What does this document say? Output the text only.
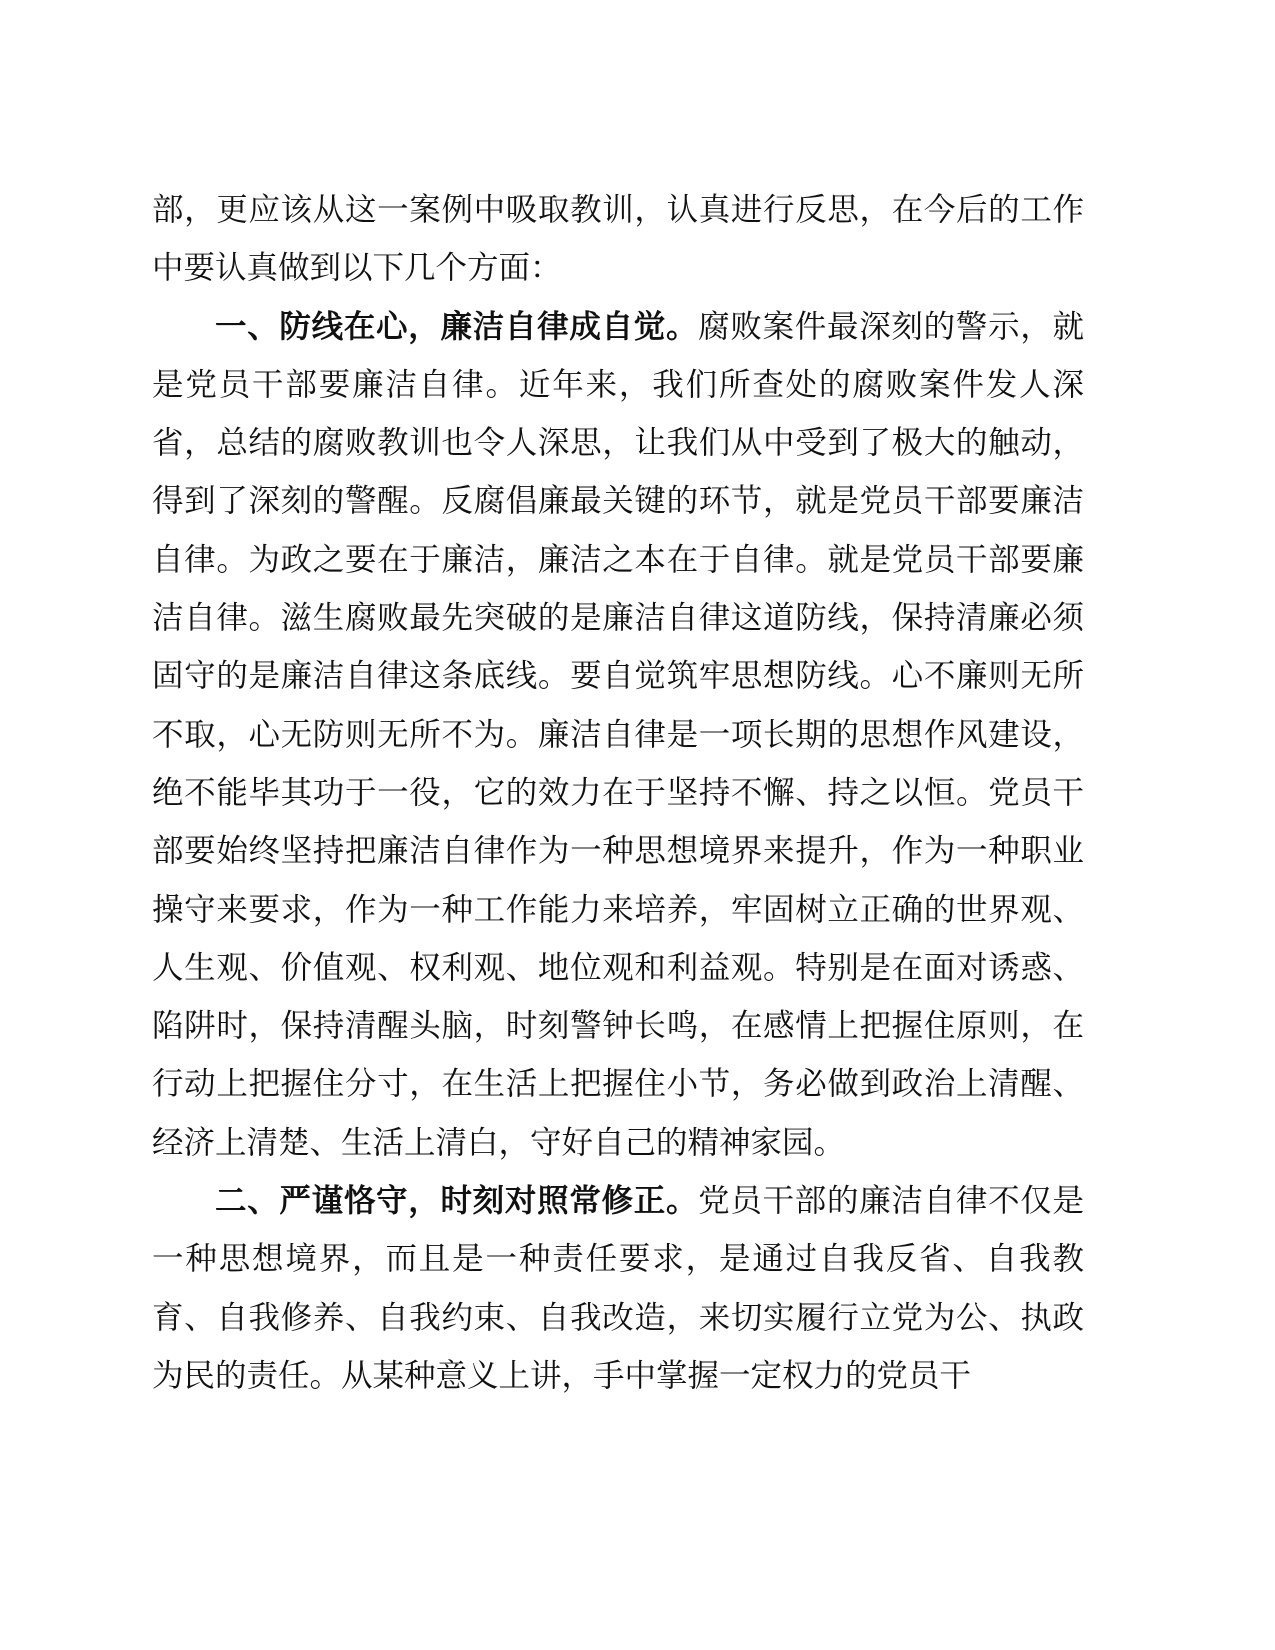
部，更应该从这一案例中吸取教训，认真进行反思，在今后的工作中要认真做到以下几个方面：

一、防线在心，廉洁自律成自觉。腐败案件最深刻的警示，就是党员干部要廉洁自律。近年来，我们所查处的腐败案件发人深省，总结的腐败教训也令人深思，让我们从中受到了极大的触动，得到了深刻的警醒。反腐倡廉最关键的环节，就是党员干部要廉洁自律。为政之要在于廉洁，廉洁之本在于自律。就是党员干部要廉洁自律。滋生腐败最先突破的是廉洁自律这道防线，保持清廉必须固守的是廉洁自律这条底线。要自觉筑牢思想防线。心不廉则无所不取，心无防则无所不为。廉洁自律是一项长期的思想作风建设，绝不能毕其功于一役，它的效力在于坚持不懈、持之以恒。党员干部要始终坚持把廉洁自律作为一种思想境界来提升，作为一种职业操守来要求，作为一种工作能力来培养，牢固树立正确的世界观、人生观、价值观、权利观、地位观和利益观。特别是在面对诱惑、陷阱时，保持清醒头脑，时刻警钟长鸣，在感情上把握住原则，在行动上把握住分寸，在生活上把握住小节，务必做到政治上清醒、经济上清楚、生活上清白，守好自己的精神家园。

二、严谨恪守，时刻对照常修正。党员干部的廉洁自律不仅是一种思想境界，而且是一种责任要求，是通过自我反省、自我教育、自我修养、自我约束、自我改造，来切实履行立党为公、执政为民的责任。从某种意义上讲，手中掌握一定权力的党员干
